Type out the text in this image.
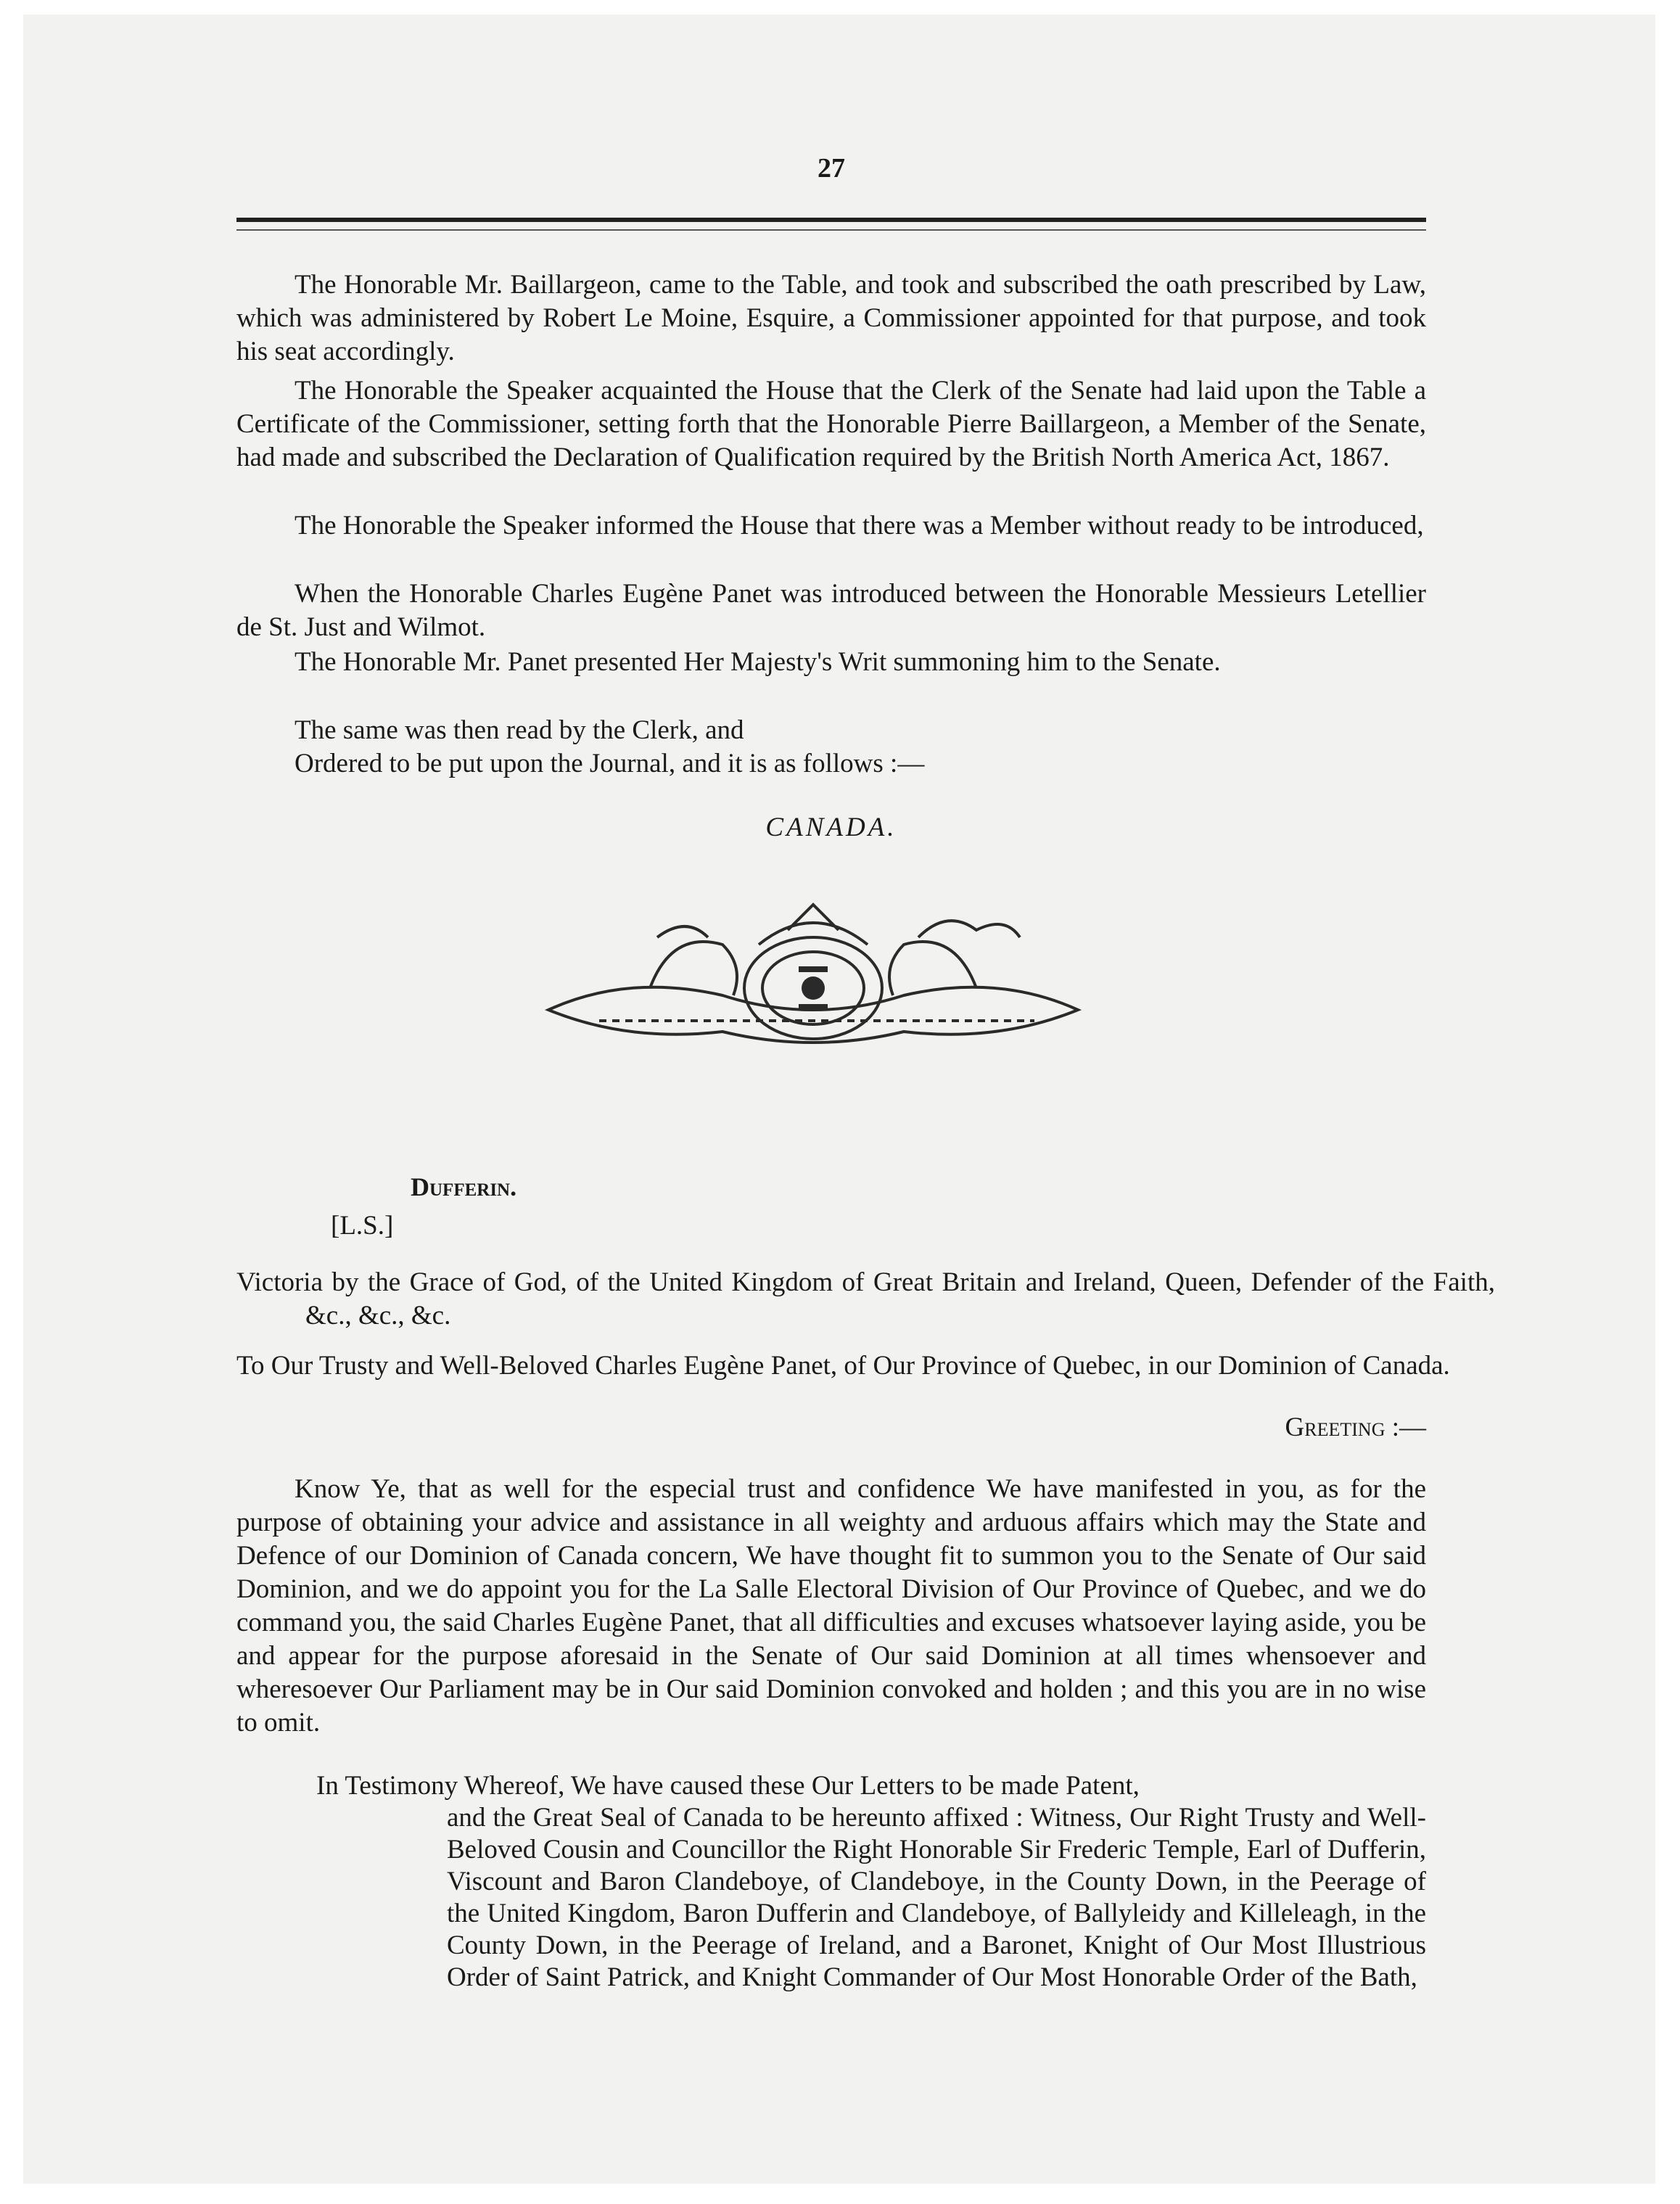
27

The Honorable Mr. Baillargeon, came to the Table, and took and subscribed the oath prescribed by Law, which was administered by Robert Le Moine, Esquire, a Commissioner appointed for that purpose, and took his seat accordingly.

The Honorable the Speaker acquainted the House that the Clerk of the Senate had laid upon the Table a Certificate of the Commissioner, setting forth that the Honorable Pierre Baillargeon, a Member of the Senate, had made and subscribed the Declaration of Qualification required by the British North America Act, 1867.

The Honorable the Speaker informed the House that there was a Member without ready to be introduced,

When the Honorable Charles Eugène Panet was introduced between the Honorable Messieurs Letellier de St. Just and Wilmot.

The Honorable Mr. Panet presented Her Majesty's Writ summoning him to the Senate.

The same was then read by the Clerk, and

Ordered to be put upon the Journal, and it is as follows :—

CANADA.

Dufferin.
[L.S.]

Victoria by the Grace of God, of the United Kingdom of Great Britain and Ireland, Queen, Defender of the Faith, &c., &c., &c.

To Our Trusty and Well-Beloved Charles Eugène Panet, of Our Province of Quebec, in our Dominion of Canada.

Greeting :—

Know Ye, that as well for the especial trust and confidence We have manifested in you, as for the purpose of obtaining your advice and assistance in all weighty and arduous affairs which may the State and Defence of our Dominion of Canada concern, We have thought fit to summon you to the Senate of Our said Dominion, and we do appoint you for the La Salle Electoral Division of Our Province of Quebec, and we do command you, the said Charles Eugène Panet, that all difficulties and excuses whatsoever laying aside, you be and appear for the purpose aforesaid in the Senate of Our said Dominion at all times whensoever and wheresoever Our Parliament may be in Our said Dominion convoked and holden ; and this you are in no wise to omit.

In Testimony Whereof, We have caused these Our Letters to be made Patent,
and the Great Seal of Canada to be hereunto affixed : Witness, Our Right Trusty and Well-Beloved Cousin and Councillor the Right Honorable Sir Frederic Temple, Earl of Dufferin, Viscount and Baron Clandeboye, of Clandeboye, in the County Down, in the Peerage of the United Kingdom, Baron Dufferin and Clandeboye, of Ballyleidy and Killeleagh, in the County Down, in the Peerage of Ireland, and a Baronet, Knight of Our Most Illustrious Order of Saint Patrick, and Knight Commander of Our Most Honorable Order of the Bath,
